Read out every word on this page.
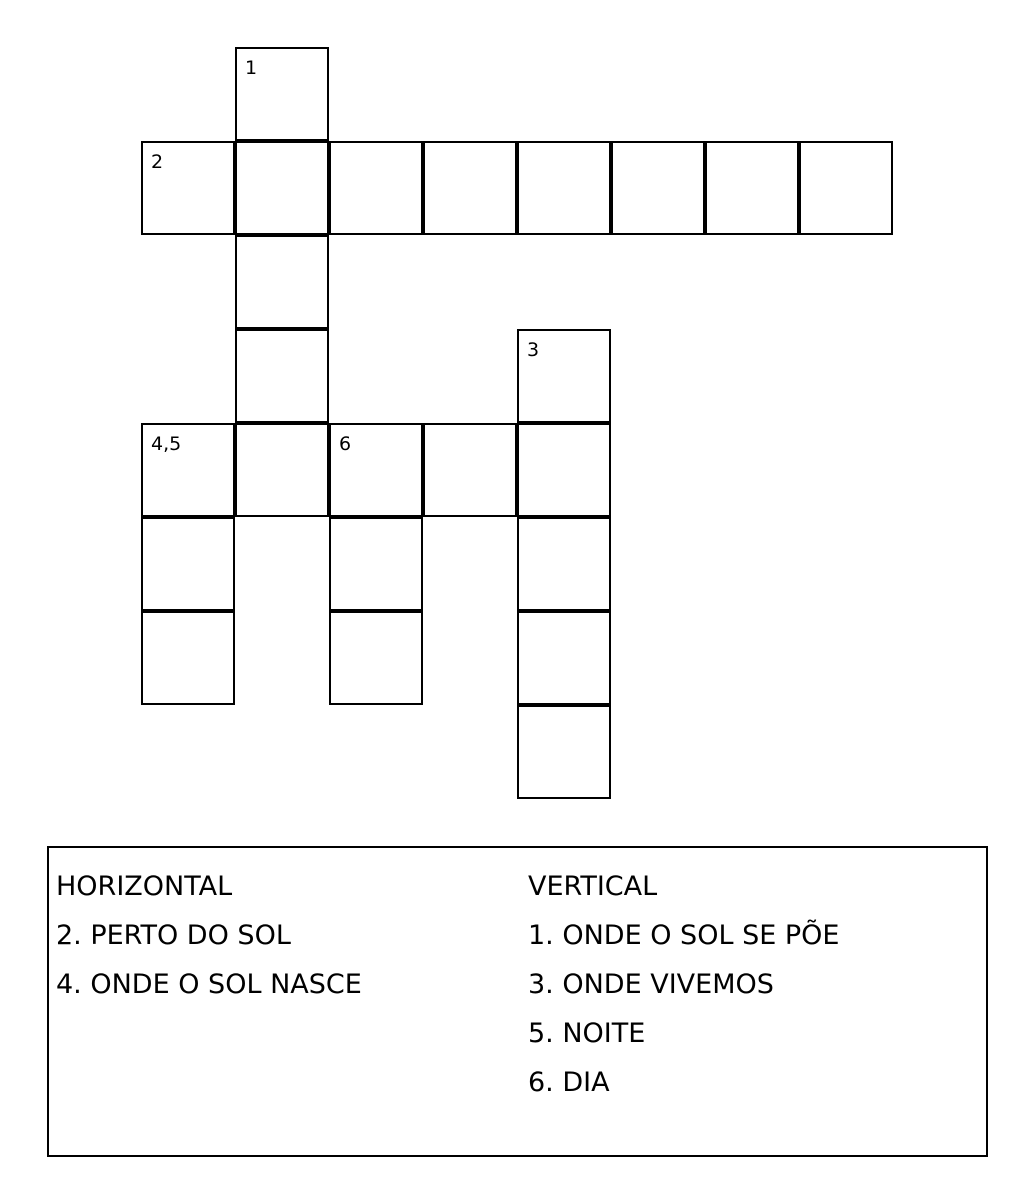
1
2
3
4,5	6
HORIZONTAL
2. PERTO DO SOL
4. ONDE O SOL NASCE
VERTICAL
1. ONDE O SOL SE PÕE
3. ONDE VIVEMOS
5. NOITE
6. DIA
